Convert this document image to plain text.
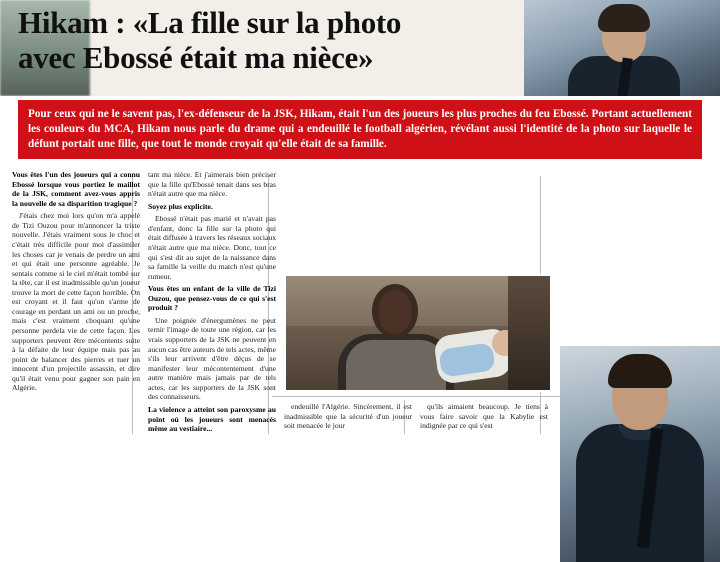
Hikam : «La fille sur la photo
avec Ebossé était ma nièce»
Pour ceux qui ne le savent pas, l'ex-défenseur de la JSK, Hikam, était l'un des joueurs les plus proches du feu Ebossé. Portant actuellement les couleurs du MCA, Hikam nous parle du drame qui a endeuillé le football algérien, révélant aussi l'identité de la photo sur laquelle le défunt portait une fille, que tout le monde croyait qu'elle était de sa famille.

Vous êtes l'un des joueurs qui a connu Ebossé lorsque vous portiez le maillot de la JSK, comment avez-vous appris la nouvelle de sa disparition tragique ?

J'étais chez moi lors qu'on m'a appelé de Tizi Ouzou pour m'annoncer la triste nouvelle. J'étais vraiment sous le choc et c'était très difficile pour moi d'assimiler les choses car je venais de perdre un ami et qui était une personne agréable. Je sentais comme si le ciel m'était tombé sur la tête, car il est inadmissible qu'un joueur trouve la mort de cette façon horrible. On est croyant et il faut qu'on s'arme de courage en perdant un ami ou un proche, mais c'est vraiment choquant qu'une personne perdela vie de cette façon. Les supporters peuvent être mécontents suite à la défaite de leur équipe mais pas au point de balancer des pierres et tuer un innocent d'un projectile assassin, et dire qu'il était venu pour gagner son pain en Algérie.

tant ma nièce. Et j'aimerais bien préciser que la fille qu'Ebossé tenait dans ses bras n'était autre que ma nièce.

Soyez plus explicite.

Ebossé n'était pas marié et n'avait pas d'enfant, donc la fille sur la photo qui était diffusée à travers les réseaux sociaux n'était autre que ma nièce. Donc, tout ce qui s'est dit au sujet de la naissance dans sa famille la veille du match n'est qu'une rumeur.

Vous êtes un enfant de la ville de Tizi Ouzou, que pensez-vous de ce qui s'est produit ?

Une poignée d'énergumènes ne peut ternir l'image de toute une région, car les vrais supporters de la JSK ne peuvent en aucun cas être auteurs de tels actes, même s'ils leur arrivent d'être déçus de se manifester leur mécontentement d'une autre manière mais jamais par de tels actes, car les supporters de la JSK sont des connaisseurs.

La violence a atteint son paroxysme au point où les joueurs sont menacés même au vestiaire...

endeuillé l'Algérie. Sincèrement, il est inadmissible que la sécurité d'un joueur soit menacée le jour

qu'ils aimaient beaucoup. Je tiens à vous faire savoir que la Kabylie est indignée par ce qui s'est
